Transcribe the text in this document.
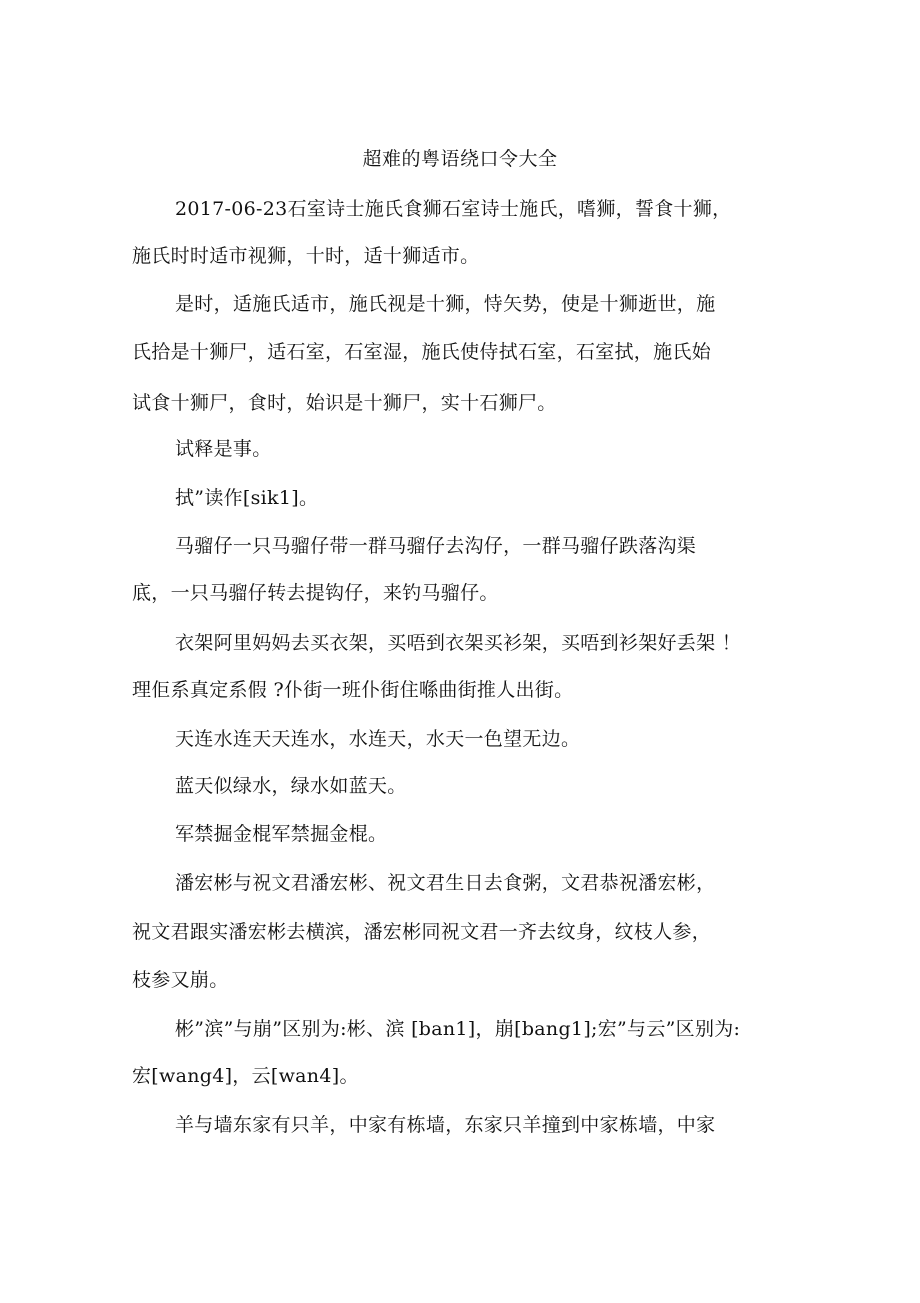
超难的粤语绕口令大全
2017-06-23石室诗士施氏食狮石室诗士施氏，嗜狮，誓食十狮，
施氏时时适市视狮，十时，适十狮适市。
是时，适施氏适市，施氏视是十狮，恃矢势，使是十狮逝世，施
氏拾是十狮尸，适石室，石室湿，施氏使侍拭石室，石室拭，施氏始
试食十狮尸，食时，始识是十狮尸，实十石狮尸。
试释是事。
拭”读作[sik1]。
马骝仔一只马骝仔带一群马骝仔去沟仔，一群马骝仔跌落沟渠
底，一只马骝仔转去提钩仔，来钓马骝仔。
衣架阿里妈妈去买衣架，买唔到衣架买衫架，买唔到衫架好丢架 ！
理佢系真定系假 ?仆街一班仆街住喺曲街推人出街。
天连水连天天连水，水连天，水天一色望无边。
蓝天似绿水，绿水如蓝天。
军禁掘金棍军禁掘金棍。
潘宏彬与祝文君潘宏彬、祝文君生日去食粥，文君恭祝潘宏彬，
祝文君跟实潘宏彬去横滨，潘宏彬同祝文君一齐去纹身，纹枝人参，
枝参又崩。
彬”滨”与崩”区别为:彬、滨 [ban1]，崩[bang1];宏”与云”区别为:
宏[wang4]，云[wan4]。
羊与墙东家有只羊，中家有栋墙，东家只羊撞到中家栋墙，中家
